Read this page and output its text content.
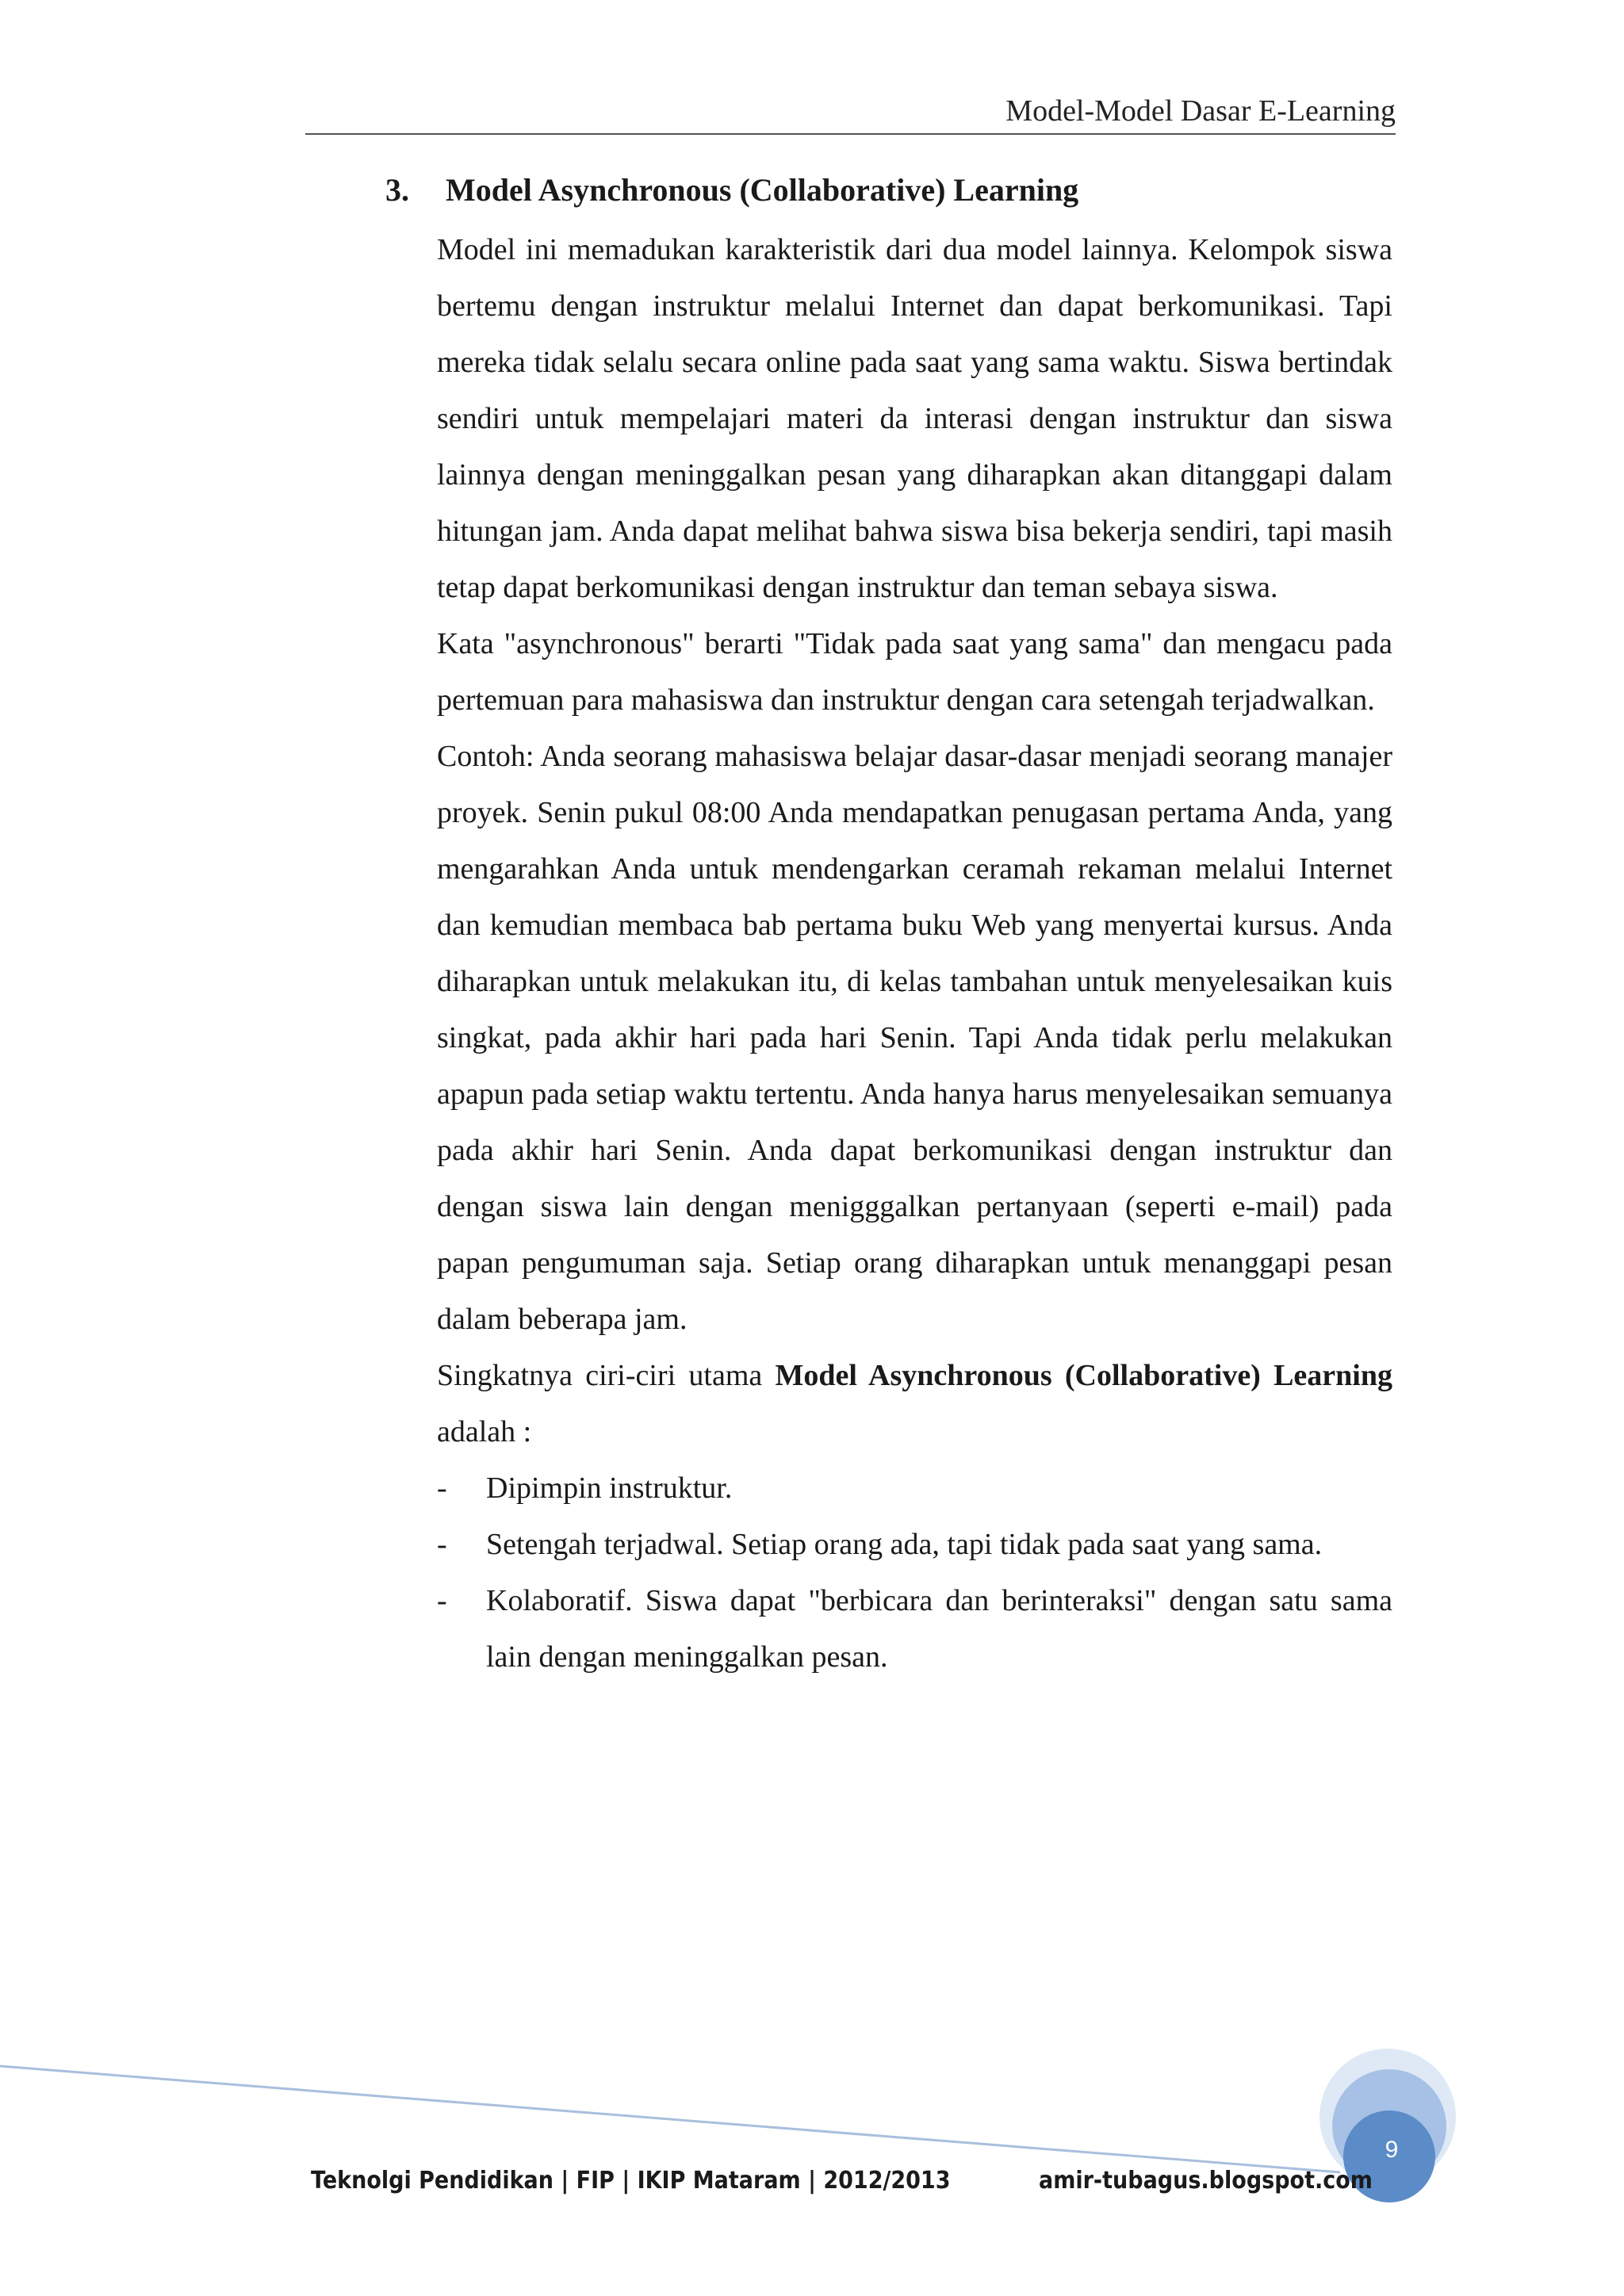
Model-Model Dasar E-Learning
3. Model Asynchronous (Collaborative) Learning

Model ini memadukan karakteristik dari dua model lainnya. Kelompok siswa bertemu dengan instruktur melalui Internet dan dapat berkomunikasi. Tapi mereka tidak selalu secara online pada saat yang sama waktu. Siswa bertindak sendiri untuk mempelajari materi da interasi dengan instruktur dan siswa lainnya dengan meninggalkan pesan yang diharapkan akan ditanggapi dalam hitungan jam. Anda dapat melihat bahwa siswa bisa bekerja sendiri, tapi masih tetap dapat berkomunikasi dengan instruktur dan teman sebaya siswa.

Kata "asynchronous" berarti "Tidak pada saat yang sama" dan mengacu pada pertemuan para mahasiswa dan instruktur dengan cara setengah terjadwalkan.

Contoh: Anda seorang mahasiswa belajar dasar-dasar menjadi seorang manajer proyek. Senin pukul 08:00 Anda mendapatkan penugasan pertama Anda, yang mengarahkan Anda untuk mendengarkan ceramah rekaman melalui Internet dan kemudian membaca bab pertama buku Web yang menyertai kursus. Anda diharapkan untuk melakukan itu, di kelas tambahan untuk menyelesaikan kuis singkat, pada akhir hari pada hari Senin. Tapi Anda tidak perlu melakukan apapun pada setiap waktu tertentu. Anda hanya harus menyelesaikan semuanya pada akhir hari Senin. Anda dapat berkomunikasi dengan instruktur dan dengan siswa lain dengan menigggalkan pertanyaan (seperti e-mail) pada papan pengumuman saja. Setiap orang diharapkan untuk menanggapi pesan dalam beberapa jam.

Singkatnya ciri-ciri utama Model Asynchronous (Collaborative) Learning adalah :

-	Dipimpin instruktur.
-	Setengah terjadwal. Setiap orang ada, tapi tidak pada saat yang sama.
-	Kolaboratif. Siswa dapat "berbicara dan berinteraksi" dengan satu sama lain dengan meninggalkan pesan.
Teknolgi Pendidikan | FIP | IKIP Mataram | 2012/2013	amir-tubagus.blogspot.com
9
